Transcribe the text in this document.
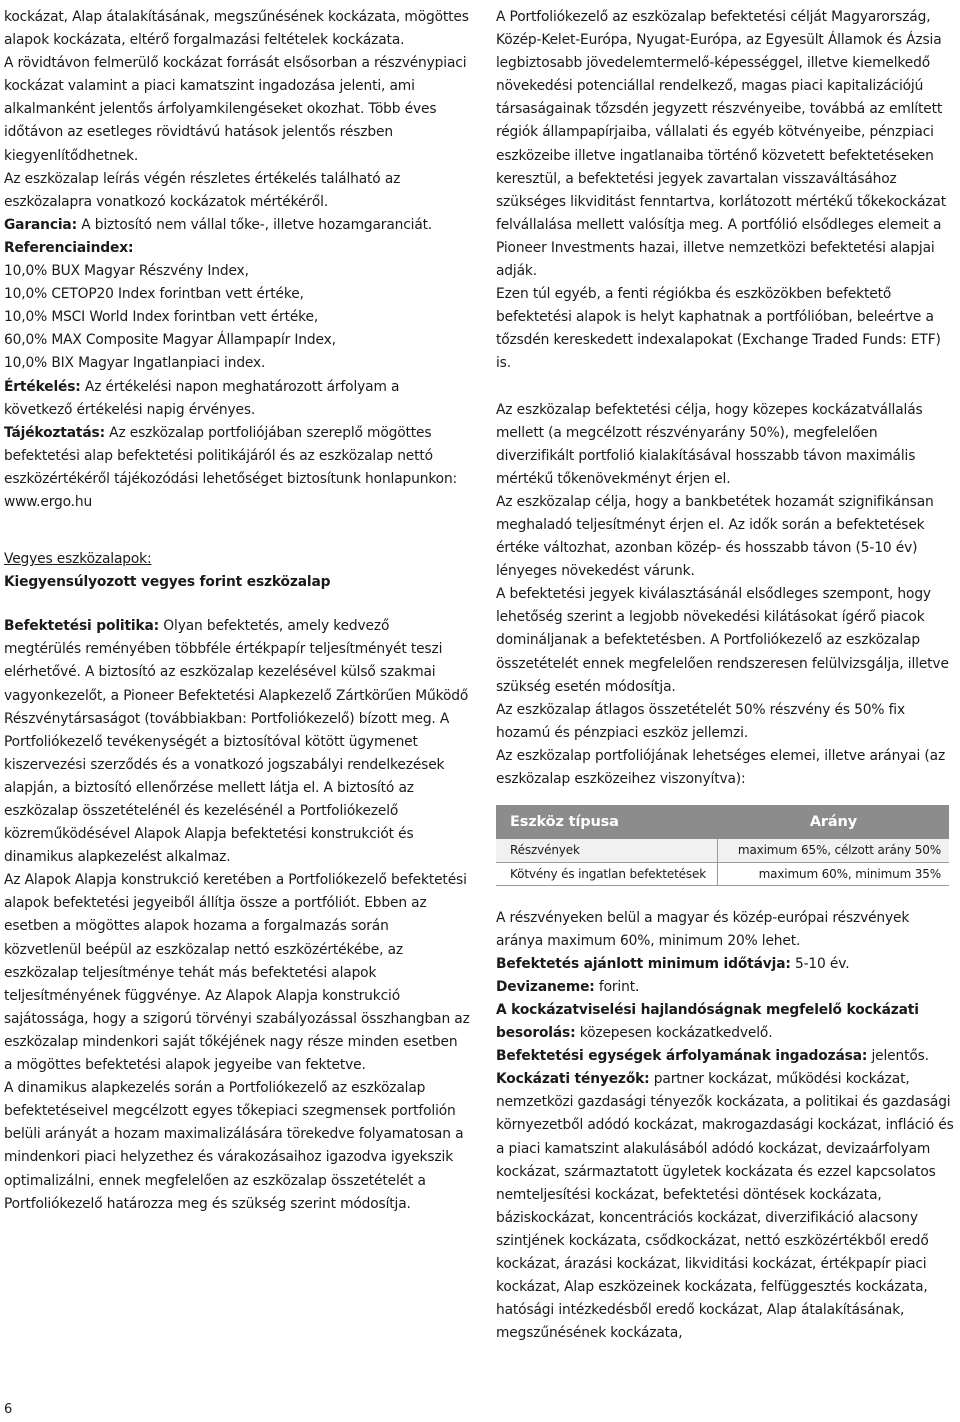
kockázat, Alap átalakításának, megszűnésének kockázata, mögöttes alapok kockázata, eltérő forgalmazási feltételek kockázata.

A rövidtávon felmerülő kockázat forrását elsősorban a részvénypiaci kockázat valamint a piaci kamatszint ingadozása jelenti, ami alkalmanként jelentős árfolyamkilengéseket okozhat. Több éves időtávon az esetleges rövidtávú hatások jelentős részben kiegyenlítődhetnek.

Az eszközalap leírás végén részletes értékelés található az eszközalapra vonatkozó kockázatok mértékéről.

Garancia: A biztosító nem vállal tőke-, illetve hozamgaranciát.

Referenciaindex:

10,0% BUX Magyar Részvény Index,

10,0% CETOP20 Index forintban vett értéke,

10,0% MSCI World Index forintban vett értéke,

60,0% MAX Composite Magyar Állampapír Index,

10,0% BIX Magyar Ingatlanpiaci index.

Értékelés: Az értékelési napon meghatározott árfolyam a következő értékelési napig érvényes.

Tájékoztatás: Az eszközalap portfoliójában szereplő mögöttes befektetési alap befektetési politikájáról és az eszközalap nettó eszközértékéről tájékozódási lehetőséget biztosítunk honlapunkon: www.ergo.hu

Vegyes eszközalapok:

Kiegyensúlyozott vegyes forint eszközalap

Befektetési politika: Olyan befektetés, amely kedvező megtérülés reményében többféle értékpapír teljesítményét teszi elérhetővé. A biztosító az eszközalap kezelésével külső szakmai vagyonkezelőt, a Pioneer Befektetési Alapkezelő Zártkörűen Működő Részvénytársaságot (továbbiakban: Portfoliókezelő) bízott meg. A Portfoliókezelő tevékenységét a biztosítóval kötött ügymenet kiszervezési szerződés és a vonatkozó jogszabályi rendelkezések alapján, a biztosító ellenőrzése mellett látja el. A biztosító az eszközalap összetételénél és kezelésénél a Portfoliókezelő közreműködésével Alapok Alapja befektetési konstrukciót és dinamikus alapkezelést alkalmaz.

Az Alapok Alapja konstrukció keretében a Portfoliókezelő befektetési alapok befektetési jegyeiből állítja össze a portfóliót. Ebben az esetben a mögöttes alapok hozama a forgalmazás során közvetlenül beépül az eszközalap nettó eszközértékébe, az eszközalap teljesítménye tehát más befektetési alapok teljesítményének függvénye. Az Alapok Alapja konstrukció sajátossága, hogy a szigorú törvényi szabályozással összhangban az eszközalap mindenkori saját tőkéjének nagy része minden esetben a mögöttes befektetési alapok jegyeibe van fektetve.

A dinamikus alapkezelés során a Portfoliókezelő az eszközalap befektetéseivel megcélzott egyes tőkepiaci szegmensek portfolión belüli arányát a hozam maximalizálására törekedve folyamatosan a mindenkori piaci helyzethez és várakozásaihoz igazodva igyekszik optimalizálni, ennek megfelelően az eszközalap összetételét a Portfoliókezelő határozza meg és szükség szerint módosítja.

A Portfoliókezelő az eszközalap befektetési célját Magyarország, Közép-Kelet-Európa, Nyugat-Európa, az Egyesült Államok és Ázsia legbiztosabb jövedelemtermelő-képességgel, illetve kiemelkedő növekedési potenciállal rendelkező, magas piaci kapitalizációjú társaságainak tőzsdén jegyzett részvényeibe, továbbá az említett régiók állampapírjaiba, vállalati és egyéb kötvényeibe, pénzpiaci eszközeibe illetve ingatlanaiba történő közvetett befektetéseken keresztül, a befektetési jegyek zavartalan visszaváltásához szükséges likviditást fenntartva, korlátozott mértékű tőkekockázat felvállalása mellett valósítja meg. A portfólió elsődleges elemeit a Pioneer Investments hazai, illetve nemzetközi befektetési alapjai adják.

Ezen túl egyéb, a fenti régiókba és eszközökben befektető befektetési alapok is helyt kaphatnak a portfólióban, beleértve a tőzsdén kereskedett indexalapokat (Exchange Traded Funds: ETF) is.

Az eszközalap befektetési célja, hogy közepes kockázatvállalás mellett (a megcélzott részvényarány 50%), megfelelően diverzifikált portfolió kialakításával hosszabb távon maximális mértékű tőkenövekményt érjen el.

Az eszközalap célja, hogy a bankbetétek hozamát szignifikánsan meghaladó teljesítményt érjen el. Az idők során a befektetések értéke változhat, azonban közép- és hosszabb távon (5-10 év) lényeges növekedést várunk.

A befektetési jegyek kiválasztásánál elsődleges szempont, hogy lehetőség szerint a legjobb növekedési kilátásokat ígérő piacok domináljanak a befektetésben. A Portfoliókezelő az eszközalap összetételét ennek megfelelően rendszeresen felülvizsgálja, illetve szükség esetén módosítja.

Az eszközalap átlagos összetételét 50% részvény és 50% fix hozamú és pénzpiaci eszköz jellemzi.

Az eszközalap portfoliójának lehetséges elemei, illetve arányai (az eszközalap eszközeihez viszonyítva):

Eszköz típusa	Arány
Részvények	maximum 65%, célzott arány 50%
Kötvény és ingatlan befektetések	maximum 60%, minimum 35%

A részvényeken belül a magyar és közép-európai részvények aránya maximum 60%, minimum 20% lehet.

Befektetés ajánlott minimum időtávja: 5-10 év.

Devizaneme: forint.

A kockázatviselési hajlandóságnak megfelelő kockázati besorolás: közepesen kockázatkedvelő.

Befektetési egységek árfolyamának ingadozása: jelentős.

Kockázati tényezők: partner kockázat, működési kockázat, nemzetközi gazdasági tényezők kockázata, a politikai és gazdasági környezetből adódó kockázat, makrogazdasági kockázat, infláció és a piaci kamatszint alakulásából adódó kockázat, devizaárfolyam kockázat, származtatott ügyletek kockázata és ezzel kapcsolatos nemteljesítési kockázat, befektetési döntések kockázata, báziskockázat, koncentrációs kockázat, diverzifikáció alacsony szintjének kockázata, csődkockázat, nettó eszközértékből eredő kockázat, árazási kockázat, likviditási kockázat, értékpapír piaci kockázat, Alap eszközeinek kockázata, felfüggesztés kockázata, hatósági intézkedésből eredő kockázat, Alap átalakításának, megszűnésének kockázata,

6
